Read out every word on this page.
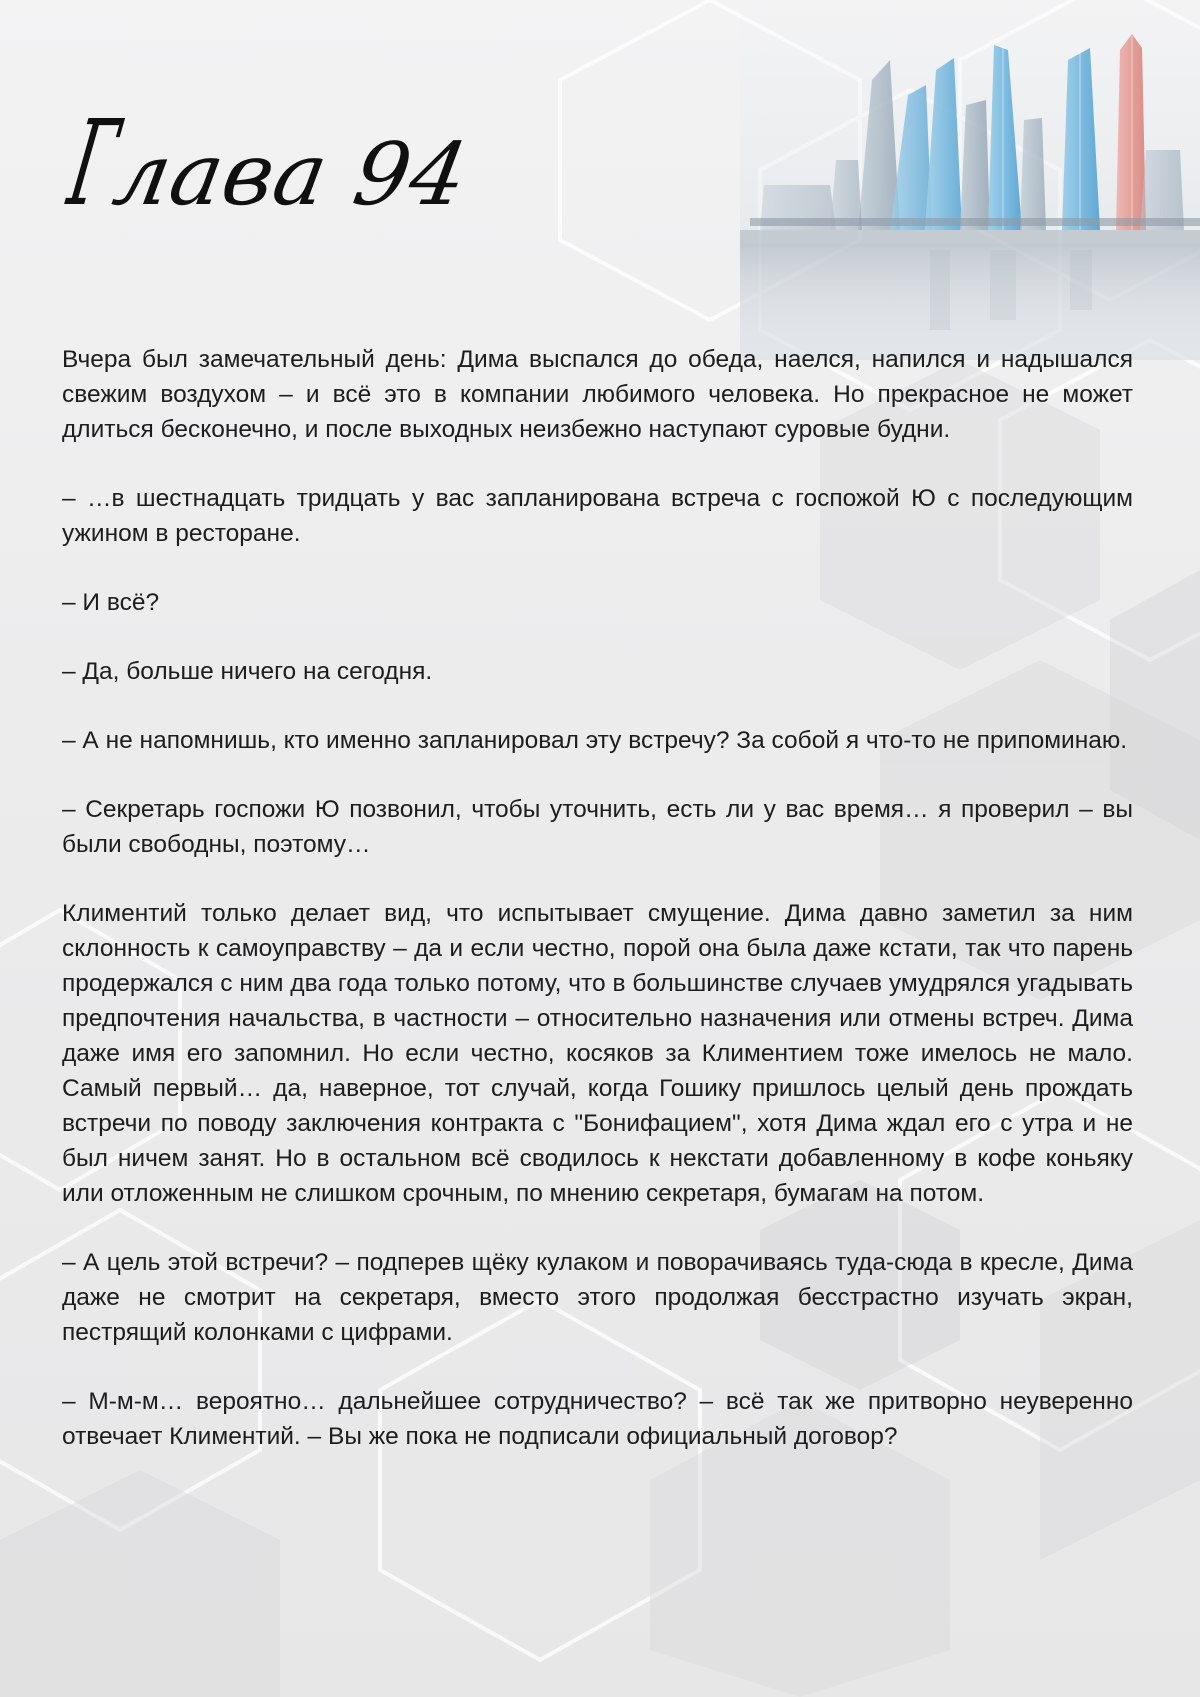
Глава 94

Вчера был замечательный день: Дима выспался до обеда, наелся, напился и надышался свежим воздухом – и всё это в компании любимого человека. Но прекрасное не может длиться бесконечно, и после выходных неизбежно наступают суровые будни.

– …в шестнадцать тридцать у вас запланирована встреча с госпожой Ю с последующим ужином в ресторане.

– И всё?

– Да, больше ничего на сегодня.

– А не напомнишь, кто именно запланировал эту встречу? За собой я что-то не припоминаю.

– Секретарь госпожи Ю позвонил, чтобы уточнить, есть ли у вас время… я проверил – вы были свободны, поэтому…

Климентий только делает вид, что испытывает смущение. Дима давно заметил за ним склонность к самоуправству – да и если честно, порой она была даже кстати, так что парень продержался с ним два года только потому, что в большинстве случаев умудрялся угадывать предпочтения начальства, в частности – относительно назначения или отмены встреч. Дима даже имя его запомнил. Но если честно, косяков за Климентием тоже имелось не мало. Самый первый… да, наверное, тот случай, когда Гошику пришлось целый день прождать встречи по поводу заключения контракта с "Бонифацием", хотя Дима ждал его с утра и не был ничем занят. Но в остальном всё сводилось к некстати добавленному в кофе коньяку или отложенным не слишком срочным, по мнению секретаря, бумагам на потом.

– А цель этой встречи? – подперев щёку кулаком и поворачиваясь туда-сюда в кресле, Дима даже не смотрит на секретаря, вместо этого продолжая бесстрастно изучать экран, пестрящий колонками с цифрами.

– М-м-м… вероятно… дальнейшее сотрудничество? – всё так же притворно неуверенно отвечает Климентий. – Вы же пока не подписали официальный договор?
